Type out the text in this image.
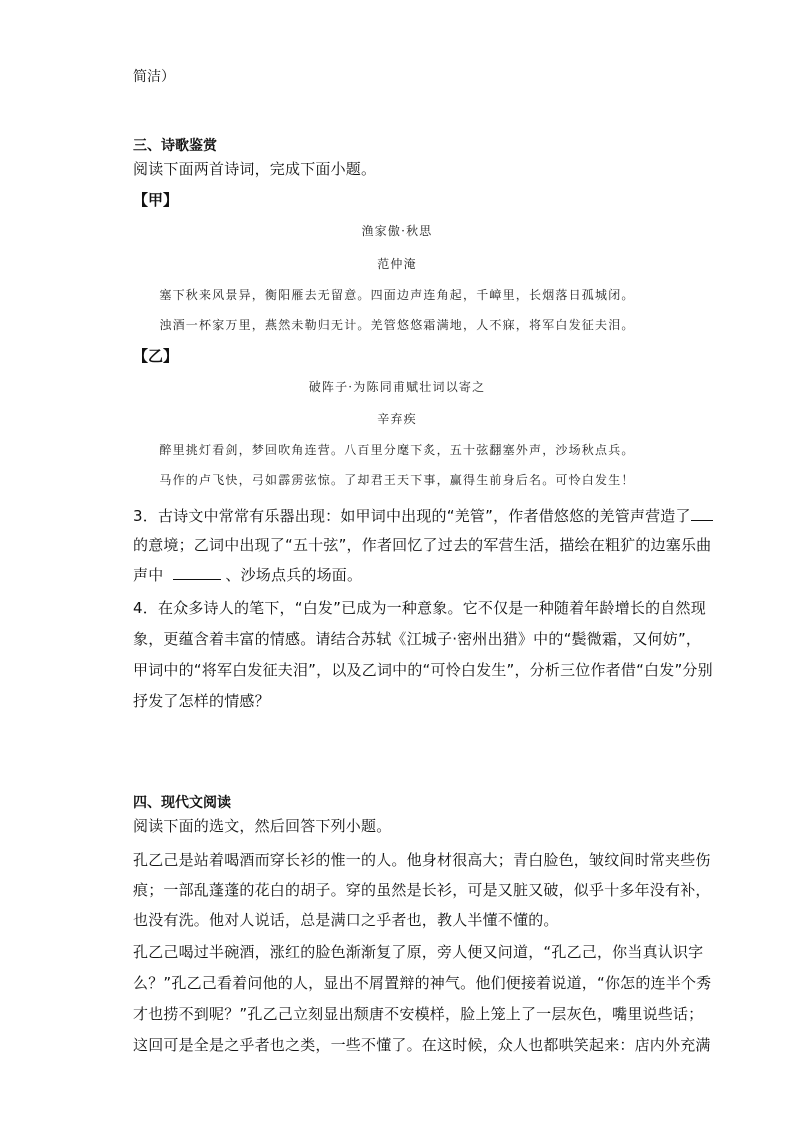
简洁）
三、诗歌鉴赏
阅读下面两首诗词，完成下面小题。
【甲】
渔家傲·秋思
范仲淹
塞下秋来风景异，衡阳雁去无留意。四面边声连角起，千嶂里，长烟落日孤城闭。
浊酒一杯家万里，燕然未勒归无计。羌管悠悠霜满地，人不寐，将军白发征夫泪。
【乙】
破阵子·为陈同甫赋壮词以寄之
辛弃疾
醉里挑灯看剑，梦回吹角连营。八百里分麾下炙，五十弦翻塞外声，沙场秋点兵。
马作的卢飞快，弓如霹雳弦惊。了却君王天下事，赢得生前身后名。可怜白发生！
3．古诗文中常常有乐器出现：如甲词中出现的“羌管”，作者借悠悠的羌管声营造了
的意境；乙词中出现了“五十弦”，作者回忆了过去的军营生活，描绘在粗犷的边塞乐曲
声中	、沙场点兵的场面。
4．在众多诗人的笔下，“白发”已成为一种意象。它不仅是一种随着年龄增长的自然现
象，更蕴含着丰富的情感。请结合苏轼《江城子·密州出猎》中的“鬓微霜，又何妨”，
甲词中的“将军白发征夫泪”，以及乙词中的“可怜白发生”，分析三位作者借“白发”分别
抒发了怎样的情感？
四、现代文阅读
阅读下面的选文，然后回答下列小题。
孔乙己是站着喝酒而穿长衫的惟一的人。他身材很高大；青白脸色，皱纹间时常夹些伤
痕；一部乱蓬蓬的花白的胡子。穿的虽然是长衫，可是又脏又破，似乎十多年没有补，
也没有洗。他对人说话，总是满口之乎者也，教人半懂不懂的。
孔乙己喝过半碗酒，涨红的脸色渐渐复了原，旁人便又问道，“孔乙己，你当真认识字
么？”孔乙己看着问他的人，显出不屑置辩的神气。他们便接着说道，“你怎的连半个秀
才也捞不到呢？”孔乙己立刻显出颓唐不安模样，脸上笼上了一层灰色，嘴里说些话；
这回可是全是之乎者也之类，一些不懂了。在这时候，众人也都哄笑起来：店内外充满
